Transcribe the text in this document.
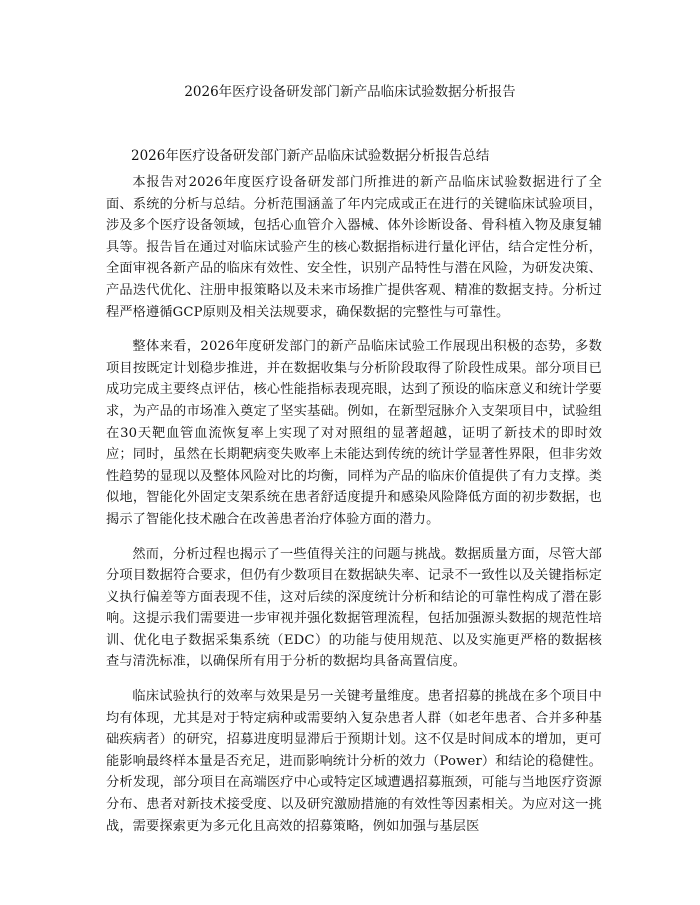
2026年医疗设备研发部门新产品临床试验数据分析报告
2026年医疗设备研发部门新产品临床试验数据分析报告总结

本报告对2026年度医疗设备研发部门所推进的新产品临床试验数据进行了全面、系统的分析与总结。分析范围涵盖了年内完成或正在进行的关键临床试验项目，涉及多个医疗设备领域，包括心血管介入器械、体外诊断设备、骨科植入物及康复辅具等。报告旨在通过对临床试验产生的核心数据指标进行量化评估，结合定性分析，全面审视各新产品的临床有效性、安全性，识别产品特性与潜在风险，为研发决策、产品迭代优化、注册申报策略以及未来市场推广提供客观、精准的数据支持。分析过程严格遵循GCP原则及相关法规要求，确保数据的完整性与可靠性。

整体来看，2026年度研发部门的新产品临床试验工作展现出积极的态势，多数项目按既定计划稳步推进，并在数据收集与分析阶段取得了阶段性成果。部分项目已成功完成主要终点评估，核心性能指标表现亮眼，达到了预设的临床意义和统计学要求，为产品的市场准入奠定了坚实基础。例如，在新型冠脉介入支架项目中，试验组在30天靶血管血流恢复率上实现了对对照组的显著超越，证明了新技术的即时效应；同时，虽然在长期靶病变失败率上未能达到传统的统计学显著性界限，但非劣效性趋势的显现以及整体风险对比的均衡，同样为产品的临床价值提供了有力支撑。类似地，智能化外固定支架系统在患者舒适度提升和感染风险降低方面的初步数据，也揭示了智能化技术融合在改善患者治疗体验方面的潜力。

然而，分析过程也揭示了一些值得关注的问题与挑战。数据质量方面，尽管大部分项目数据符合要求，但仍有少数项目在数据缺失率、记录不一致性以及关键指标定义执行偏差等方面表现不佳，这对后续的深度统计分析和结论的可靠性构成了潜在影响。这提示我们需要进一步审视并强化数据管理流程，包括加强源头数据的规范性培训、优化电子数据采集系统（EDC）的功能与使用规范、以及实施更严格的数据核查与清洗标准，以确保所有用于分析的数据均具备高置信度。

临床试验执行的效率与效果是另一关键考量维度。患者招募的挑战在多个项目中均有体现，尤其是对于特定病种或需要纳入复杂患者人群（如老年患者、合并多种基础疾病者）的研究，招募进度明显滞后于预期计划。这不仅是时间成本的增加，更可能影响最终样本量是否充足，进而影响统计分析的效力（Power）和结论的稳健性。分析发现，部分项目在高端医疗中心或特定区域遭遇招募瓶颈，可能与当地医疗资源分布、患者对新技术接受度、以及研究激励措施的有效性等因素相关。为应对这一挑战，需要探索更为多元化且高效的招募策略，例如加强与基层医
